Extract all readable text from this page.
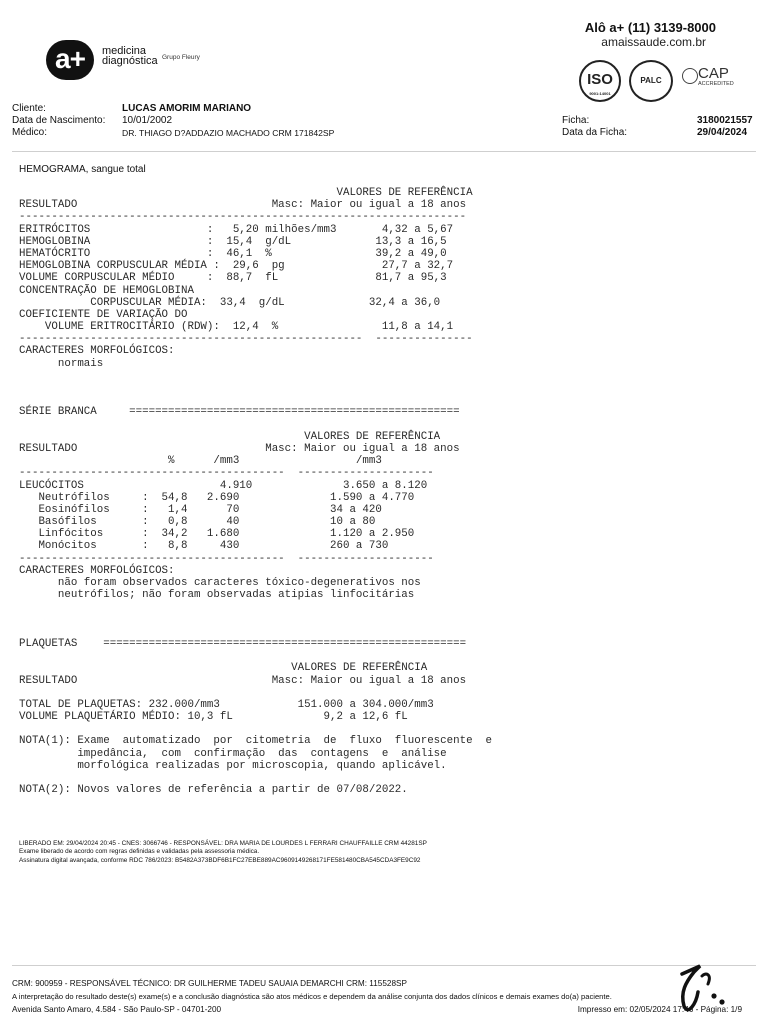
a+	medicina
diagnóstica Grupo Fleury
Alô a+ (11) 3139-8000
amaissaude.com.br
ISO
9001:14001
PALC	CAP
ACCREDITED
Cliente:	LUCAS AMORIM MARIANO
Data de Nascimento: 10/01/2002
Médico:	DR. THIAGO D?ADDAZIO MACHADO CRM 171842SP
Ficha:	3180021557
Data da Ficha:	29/04/2024
HEMOGRAMA, sangue total
VALORES DE REFERÊNCIA
RESULTADO                              Masc: Maior ou igual a 18 anos
---------------------------------------------------------------------
ERITRÓCITOS                  :   5,20 milhões/mm3       4,32 a 5,67
HEMOGLOBINA                  :  15,4  g/dL             13,3 a 16,5
HEMATÓCRITO                  :  46,1  %                39,2 a 49,0
HEMOGLOBINA CORPUSCULAR MÉDIA :  29,6  pg               27,7 a 32,7
VOLUME CORPUSCULAR MÉDIO     :  88,7  fL               81,7 a 95,3
CONCENTRAÇÃO DE HEMOGLOBINA
CORPUSCULAR MÉDIA:  33,4  g/dL             32,4 a 36,0
COEFICIENTE DE VARIAÇÃO DO
VOLUME ERITROCITÁRIO (RDW):  12,4  %                11,8 a 14,1
-----------------------------------------------------  ---------------
CARACTERES MORFOLÓGICOS:
normais
SÉRIE BRANCA     ===================================================
VALORES DE REFERÊNCIA
RESULTADO                             Masc: Maior ou igual a 18 anos
%      /mm3                  /mm3
-----------------------------------------  ---------------------
LEUCÓCITOS                     4.910              3.650 a 8.120
Neutrófilos     :  54,8   2.690              1.590 a 4.770
Eosinófilos     :   1,4      70              34 a 420
Basófilos       :   0,8      40              10 a 80
Linfócitos      :  34,2   1.680              1.120 a 2.950
Monócitos       :   8,8     430              260 a 730
-----------------------------------------  ---------------------
CARACTERES MORFOLÓGICOS:
não foram observados caracteres tóxico-degenerativos nos
neutrófilos; não foram observadas atipias linfocitárias
PLAQUETAS    ========================================================
VALORES DE REFERÊNCIA
RESULTADO                              Masc: Maior ou igual a 18 anos
TOTAL DE PLAQUETAS: 232.000/mm3            151.000 a 304.000/mm3
VOLUME PLAQUETÁRIO MÉDIO: 10,3 fL              9,2 a 12,6 fL
NOTA(1): Exame  automatizado  por  citometria  de  fluxo  fluorescente  e
impedância,  com  confirmação  das  contagens  e  análise
morfológica realizadas por microscopia, quando aplicável.
NOTA(2): Novos valores de referência a partir de 07/08/2022.
LIBERADO EM: 29/04/2024 20:45 - CNES: 3066746 - RESPONSÁVEL: DRA MARIA DE LOURDES L FERRARI CHAUFFAILLE CRM 44281SP
Exame liberado de acordo com regras definidas e validadas pela assessoria médica.
Assinatura digital avançada, conforme RDC 786/2023: B5482A373BDF6B1FC27EBE889AC9609149268171FE581480CBA545CDA3FE9C92
CRM: 900959 - RESPONSÁVEL TÉCNICO: DR GUILHERME TADEU SAUAIA DEMARCHI CRM: 115528SP
A interpretação do resultado deste(s) exame(s) e a conclusão diagnóstica são atos médicos e dependem da análise conjunta dos dados clínicos e demais exames do(a) paciente.
Avenida Santo Amaro, 4.584 - São Paulo-SP - 04701-200	Impresso em: 02/05/2024 17:46 - Página: 1/9
